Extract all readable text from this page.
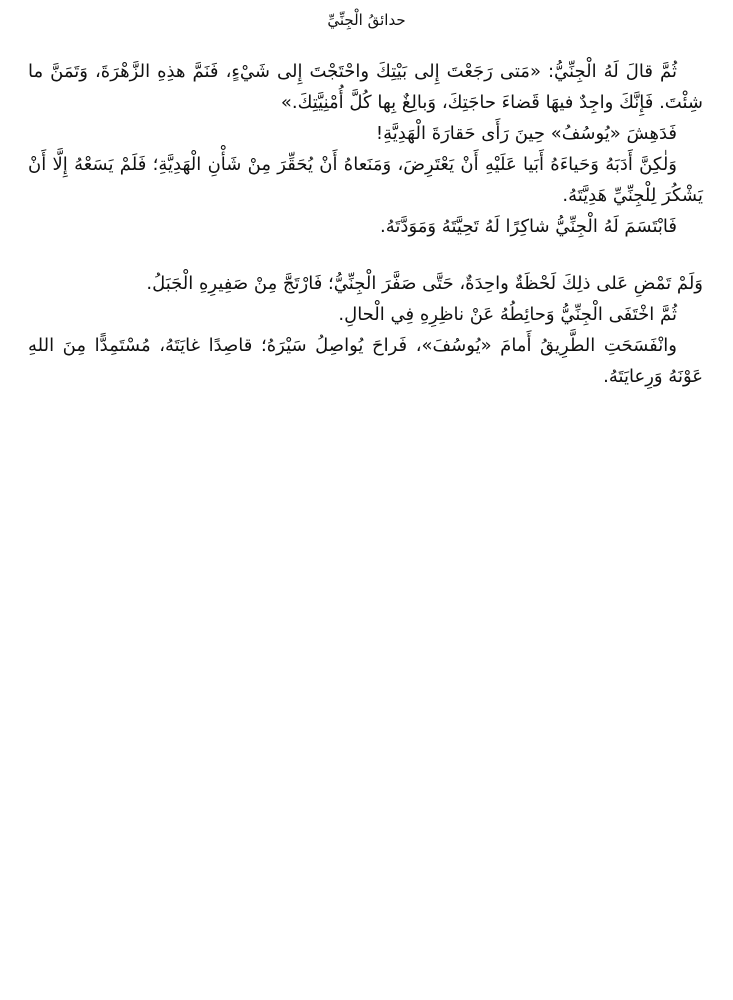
حدائقُ الْجِنِّيِّ

ثُمَّ قالَ لَهُ الْجِنِّيُّ: «مَتى رَجَعْتَ إِلى بَيْتِكَ واحْتَجْتَ إِلى شَيْءٍ، فَنَمَّ هذِهِ الزَّهْرَةَ، وَتَمَنَّ ما شِئْتَ. فَإِنَّكَ واجِدٌ فيهَا قَضاءَ حاجَتِكَ، وَبالِغٌ بِها كُلَّ أُمْنِيَّتِكَ.»

فَدَهِشَ «يُوسُفُ» حِينَ رَأَى حَقارَةَ الْهَدِيَّةِ!

وَلٰكِنَّ أَدَبَهُ وَحَياءَهُ أَبَيا عَلَيْهِ أَنْ يَعْتَرِضَ، وَمَنَعاهُ أَنْ يُحَقِّرَ مِنْ شَأْنِ الْهَدِيَّةِ؛ فَلَمْ يَسَعْهُ إِلَّا أَنْ يَشْكُرَ لِلْجِنِّيِّ هَدِيَّتَهُ.

فَابْتَسَمَ لَهُ الْجِنِّيُّ شاكِرًا لَهُ تَحِيَّتَهُ وَمَوَدَّتَهُ.

وَلَمْ تَمْضِ عَلى ذلِكَ لَحْظَةٌ واحِدَةٌ، حَتَّى صَفَّرَ الْجِنِّيُّ؛ فَارْتَجَّ مِنْ صَفِيرِهِ الْجَبَلُ.

ثُمَّ اخْتَفَى الْجِنِّيُّ وَحائِطُهُ عَنْ ناظِرِهِ فِي الْحالِ.

وانْفَسَحَتِ الطَّرِيقُ أَمامَ «يُوسُفَ»، فَراحَ يُواصِلُ سَيْرَهُ؛ قاصِدًا غايَتَهُ، مُسْتَمِدًّا مِنَ اللهِ عَوْنَهُ وَرِعايَتَهُ.
